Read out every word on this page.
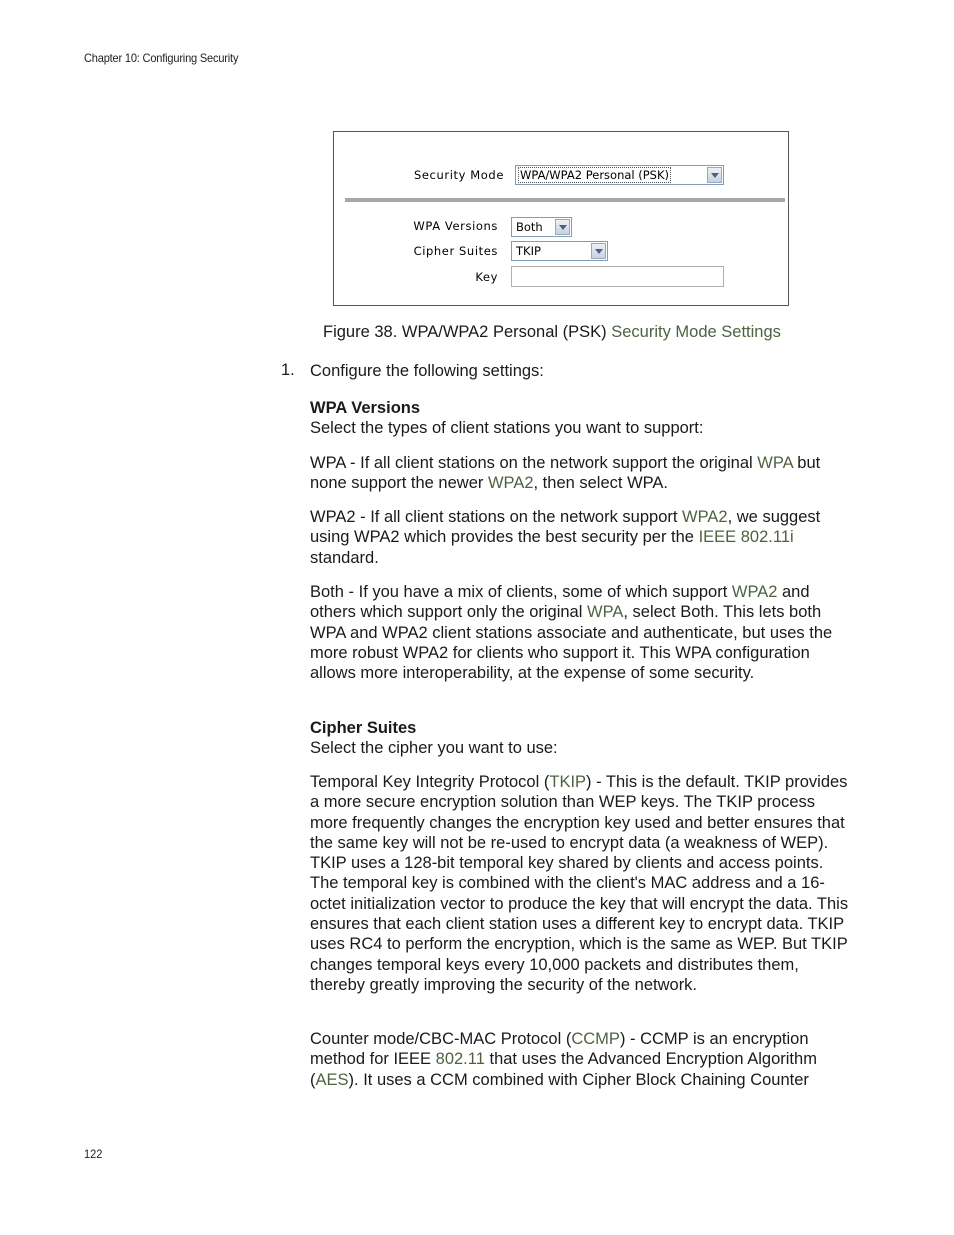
Chapter 10: Configuring Security
Security Mode WPA/WPA2 Personal (PSK)
WPA Versions Both
Cipher Suites TKIP
Key
Figure 38. WPA/WPA2 Personal (PSK) Security Mode Settings
1. Configure the following settings:
WPA Versions

Select the types of client stations you want to support:

WPA - If all client stations on the network support the original WPA but none support the newer WPA2, then select WPA.

WPA2 - If all client stations on the network support WPA2, we suggest using WPA2 which provides the best security per the IEEE 802.11i standard.

Both - If you have a mix of clients, some of which support WPA2 and others which support only the original WPA, select Both. This lets both WPA and WPA2 client stations associate and authenticate, but uses the more robust WPA2 for clients who support it. This WPA configuration allows more interoperability, at the expense of some security.

Cipher Suites

Select the cipher you want to use:

Temporal Key Integrity Protocol (TKIP) - This is the default. TKIP provides a more secure encryption solution than WEP keys. The TKIP process more frequently changes the encryption key used and better ensures that the same key will not be re-used to encrypt data (a weakness of WEP). TKIP uses a 128-bit temporal key shared by clients and access points. The temporal key is combined with the client's MAC address and a 16-octet initialization vector to produce the key that will encrypt the data. This ensures that each client station uses a different key to encrypt data. TKIP uses RC4 to perform the encryption, which is the same as WEP. But TKIP changes temporal keys every 10,000 packets and distributes them, thereby greatly improving the security of the network.

Counter mode/CBC-MAC Protocol (CCMP) - CCMP is an encryption method for IEEE 802.11 that uses the Advanced Encryption Algorithm (AES). It uses a CCM combined with Cipher Block Chaining Counter

122
